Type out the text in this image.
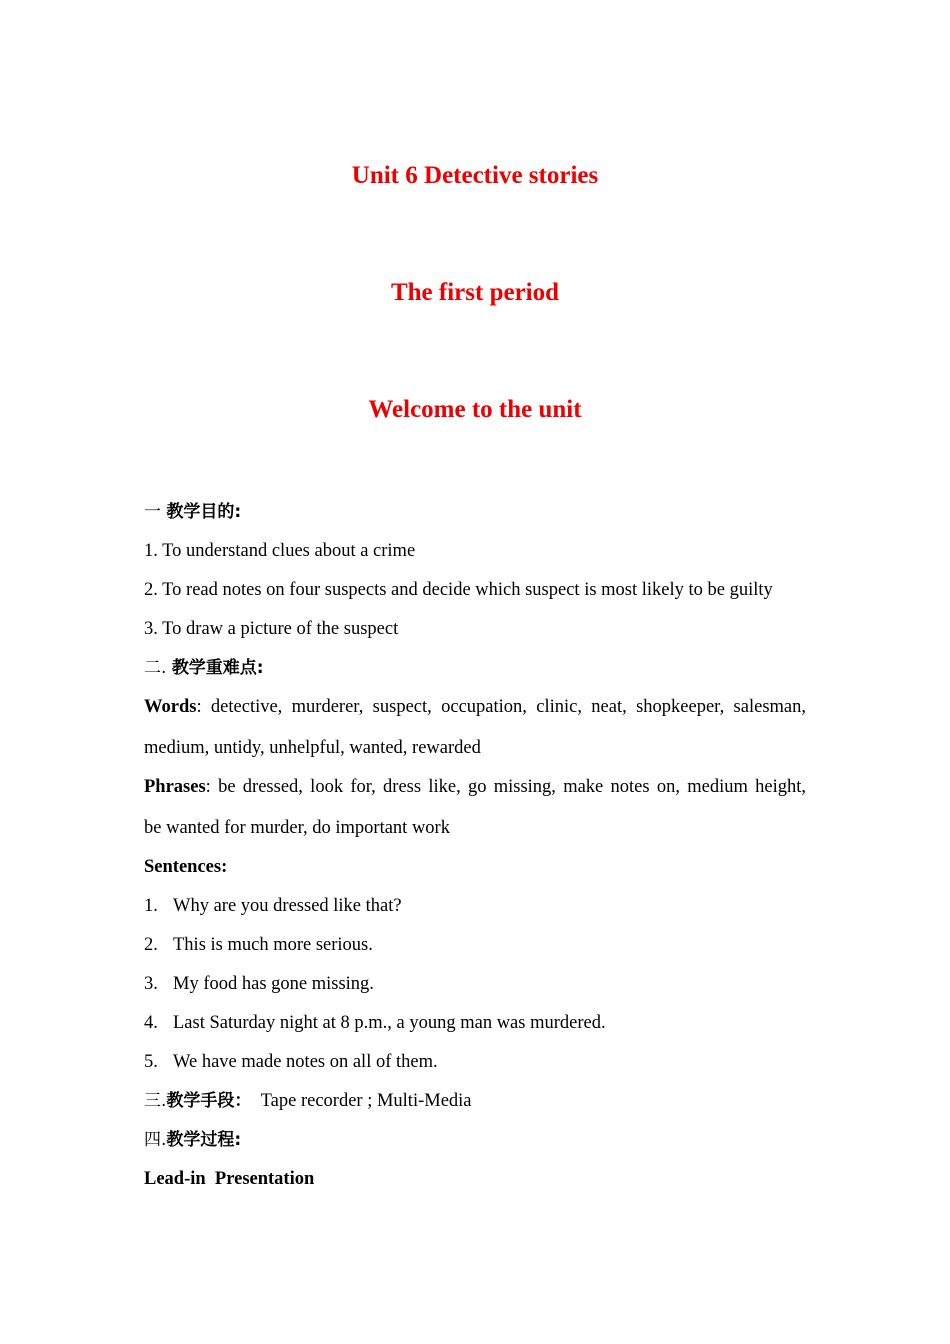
Unit 6 Detective stories
The first period
Welcome to the unit

一 教学目的:

1. To understand clues about a crime

2. To read notes on four suspects and decide which suspect is most likely to be guilty

3. To draw a picture of the suspect

二. 教学重难点:

Words: detective, murderer, suspect, occupation, clinic, neat, shopkeeper, salesman,

medium, untidy, unhelpful, wanted, rewarded

Phrases: be dressed, look for, dress like, go missing, make notes on, medium height,

be wanted for murder, do important work

Sentences:

1. Why are you dressed like that?

2. This is much more serious.

3. My food has gone missing.

4. Last Saturday night at 8 p.m., a young man was murdered.

5. We have made notes on all of them.

三.教学手段： Tape recorder ; Multi-Media

四.教学过程:

Lead-in  Presentation
